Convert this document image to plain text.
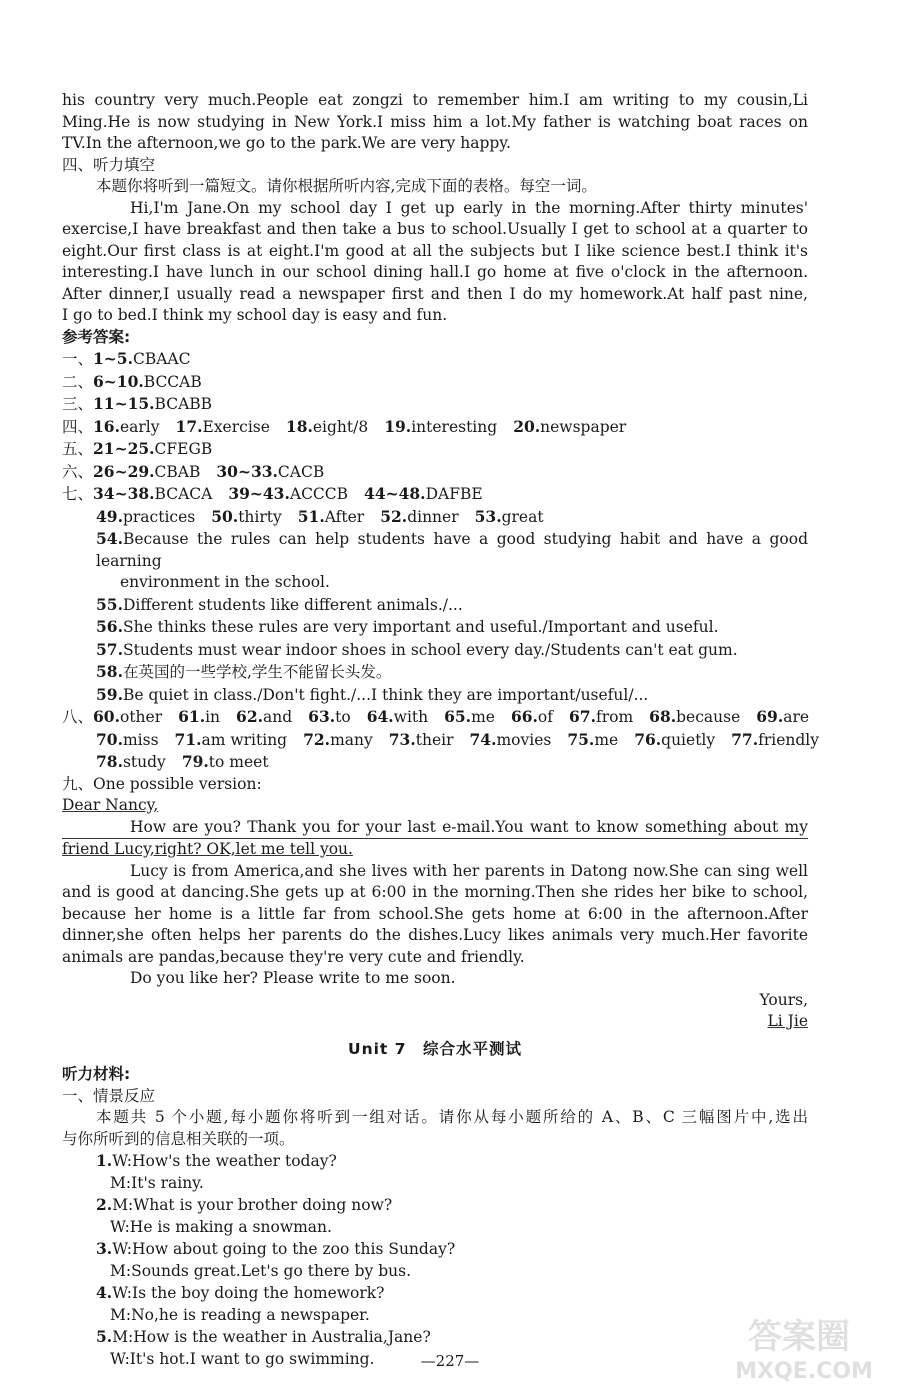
his country very much.People eat zongzi to remember him.I am writing to my cousin,Li
Ming.He is now studying in New York.I miss him a lot.My father is watching boat races on
TV.In the afternoon,we go to the park.We are very happy.
四、听力填空
本题你将听到一篇短文。请你根据所听内容,完成下面的表格。每空一词。
Hi,I'm Jane.On my school day I get up early in the morning.After thirty minutes'
exercise,I have breakfast and then take a bus to school.Usually I get to school at a quarter to
eight.Our first class is at eight.I'm good at all the subjects but I like science best.I think it's
interesting.I have lunch in our school dining hall.I go home at five o'clock in the afternoon.
After dinner,I usually read a newspaper first and then I do my homework.At half past nine,
I go to bed.I think my school day is easy and fun.
参考答案:
一、1~5.CBAAC
二、6~10.BCCAB
三、11~15.BCABB
四、16.early 17.Exercise 18.eight/8 19.interesting 20.newspaper
五、21~25.CFEGB
六、26~29.CBAB 30~33.CACB
七、34~38.BCACA 39~43.ACCCB 44~48.DAFBE
49.practices 50.thirty 51.After 52.dinner 53.great
54.Because the rules can help students have a good studying habit and have a good learning
environment in the school.
55.Different students like different animals./...
56.She thinks these rules are very important and useful./Important and useful.
57.Students must wear indoor shoes in school every day./Students can't eat gum.
58.在英国的一些学校,学生不能留长头发。
59.Be quiet in class./Don't fight./...I think they are important/useful/...
八、60.other 61.in 62.and 63.to 64.with 65.me 66.of 67.from 68.because 69.are
70.miss 71.am writing 72.many 73.their 74.movies 75.me 76.quietly 77.friendly
78.study 79.to meet
九、One possible version:
Dear Nancy,
How are you? Thank you for your last e-mail.You want to know something about my
friend Lucy,right? OK,let me tell you.
Lucy is from America,and she lives with her parents in Datong now.She can sing well
and is good at dancing.She gets up at 6:00 in the morning.Then she rides her bike to school,
because her home is a little far from school.She gets home at 6:00 in the afternoon.After
dinner,she often helps her parents do the dishes.Lucy likes animals very much.Her favorite
animals are pandas,because they're very cute and friendly.
Do you like her? Please write to me soon.
Yours,
Li Jie
Unit 7　综合水平测试
听力材料:
一、情景反应
本题共 5 个小题,每小题你将听到一组对话。请你从每小题所给的 A、B、C 三幅图片中,选出
与你所听到的信息相关联的一项。
1.W:How's the weather today?
M:It's rainy.
2.M:What is your brother doing now?
W:He is making a snowman.
3.W:How about going to the zoo this Sunday?
M:Sounds great.Let's go there by bus.
4.W:Is the boy doing the homework?
M:No,he is reading a newspaper.
5.M:How is the weather in Australia,Jane?
W:It's hot.I want to go swimming.	—227—
答案圈
MXQE.COM
